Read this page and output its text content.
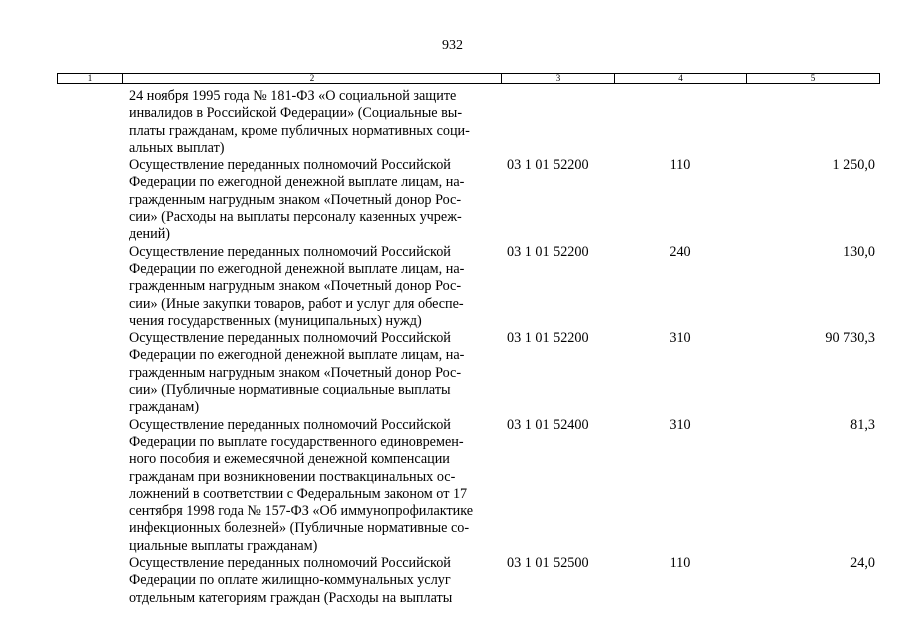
932
1	2	3	4	5
24 ноября 1995 года № 181-ФЗ «О социальной защите
инвалидов в Российской Федерации» (Социальные вы-
платы гражданам, кроме публичных нормативных соци-
альных выплат)
Осуществление переданных полномочий Российской
Федерации по ежегодной денежной выплате лицам, на-
гражденным нагрудным знаком «Почетный донор Рос-
сии» (Расходы на выплаты персоналу казенных учреж-
дений)
03 1 01 52200	110	1 250,0
Осуществление переданных полномочий Российской
Федерации по ежегодной денежной выплате лицам, на-
гражденным нагрудным знаком «Почетный донор Рос-
сии» (Иные закупки товаров, работ и услуг для обеспе-
чения государственных (муниципальных) нужд)
03 1 01 52200	240	130,0
Осуществление переданных полномочий Российской
Федерации по ежегодной денежной выплате лицам, на-
гражденным нагрудным знаком «Почетный донор Рос-
сии» (Публичные нормативные социальные выплаты
гражданам)
03 1 01 52200	310	90 730,3
Осуществление переданных полномочий Российской
Федерации по выплате государственного единовремен-
ного пособия и ежемесячной денежной компенсации
гражданам при возникновении поствакцинальных ос-
ложнений в соответствии с Федеральным законом от 17
сентября 1998 года № 157-ФЗ «Об иммунопрофилактике
инфекционных болезней» (Публичные нормативные со-
циальные выплаты гражданам)
03 1 01 52400	310	81,3
Осуществление переданных полномочий Российской
Федерации по оплате жилищно-коммунальных услуг
отдельным категориям граждан (Расходы на выплаты
03 1 01 52500	110	24,0
